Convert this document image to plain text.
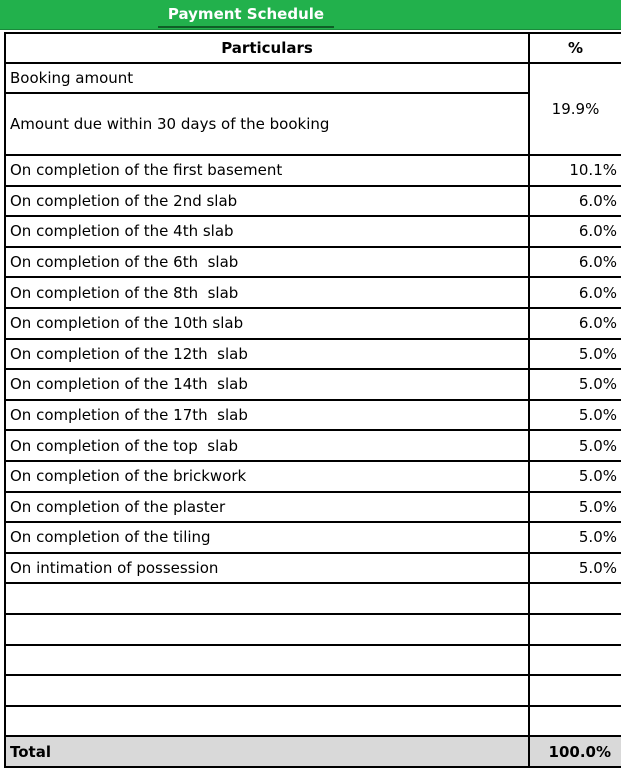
Payment Schedule
Particulars	%
Booking amount	19.9%
Amount due within 30 days of the booking	
On completion of the first basement	10.1%
On completion of the 2nd slab	6.0%
On completion of the 4th slab	6.0%
On completion of the 6th  slab	6.0%
On completion of the 8th  slab	6.0%
On completion of the 10th slab	6.0%
On completion of the 12th  slab	5.0%
On completion of the 14th  slab	5.0%
On completion of the 17th  slab	5.0%
On completion of the top  slab	5.0%
On completion of the brickwork	5.0%
On completion of the plaster	5.0%
On completion of the tiling	5.0%
On intimation of possession	5.0%

Total	100.0%
